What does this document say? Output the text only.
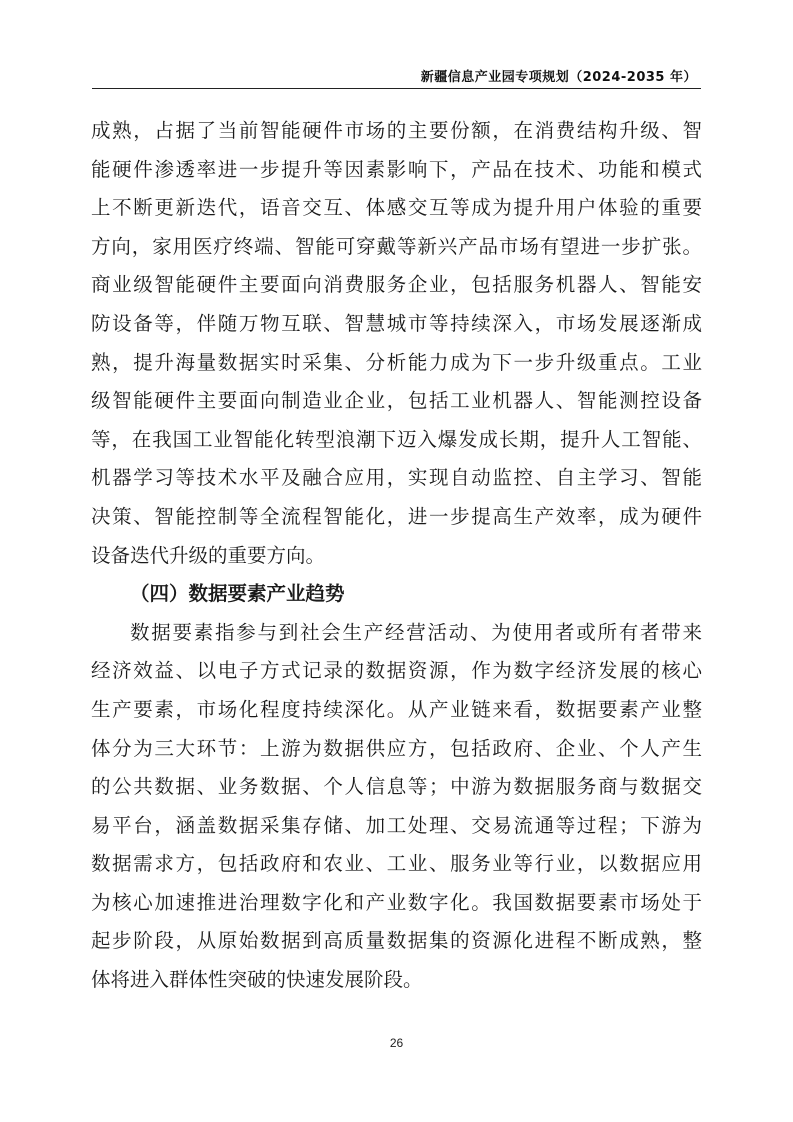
新疆信息产业园专项规划（2024-2035 年）
成熟，占据了当前智能硬件市场的主要份额，在消费结构升级、智
能硬件渗透率进一步提升等因素影响下，产品在技术、功能和模式
上不断更新迭代，语音交互、体感交互等成为提升用户体验的重要
方向，家用医疗终端、智能可穿戴等新兴产品市场有望进一步扩张。
商业级智能硬件主要面向消费服务企业，包括服务机器人、智能安
防设备等，伴随万物互联、智慧城市等持续深入，市场发展逐渐成
熟，提升海量数据实时采集、分析能力成为下一步升级重点。工业
级智能硬件主要面向制造业企业，包括工业机器人、智能测控设备
等，在我国工业智能化转型浪潮下迈入爆发成长期，提升人工智能、
机器学习等技术水平及融合应用，实现自动监控、自主学习、智能
决策、智能控制等全流程智能化，进一步提高生产效率，成为硬件
设备迭代升级的重要方向。
（四）数据要素产业趋势
数据要素指参与到社会生产经营活动、为使用者或所有者带来
经济效益、以电子方式记录的数据资源，作为数字经济发展的核心
生产要素，市场化程度持续深化。从产业链来看，数据要素产业整
体分为三大环节：上游为数据供应方，包括政府、企业、个人产生
的公共数据、业务数据、个人信息等；中游为数据服务商与数据交
易平台，涵盖数据采集存储、加工处理、交易流通等过程；下游为
数据需求方，包括政府和农业、工业、服务业等行业，以数据应用
为核心加速推进治理数字化和产业数字化。我国数据要素市场处于
起步阶段，从原始数据到高质量数据集的资源化进程不断成熟，整
体将进入群体性突破的快速发展阶段。
26
